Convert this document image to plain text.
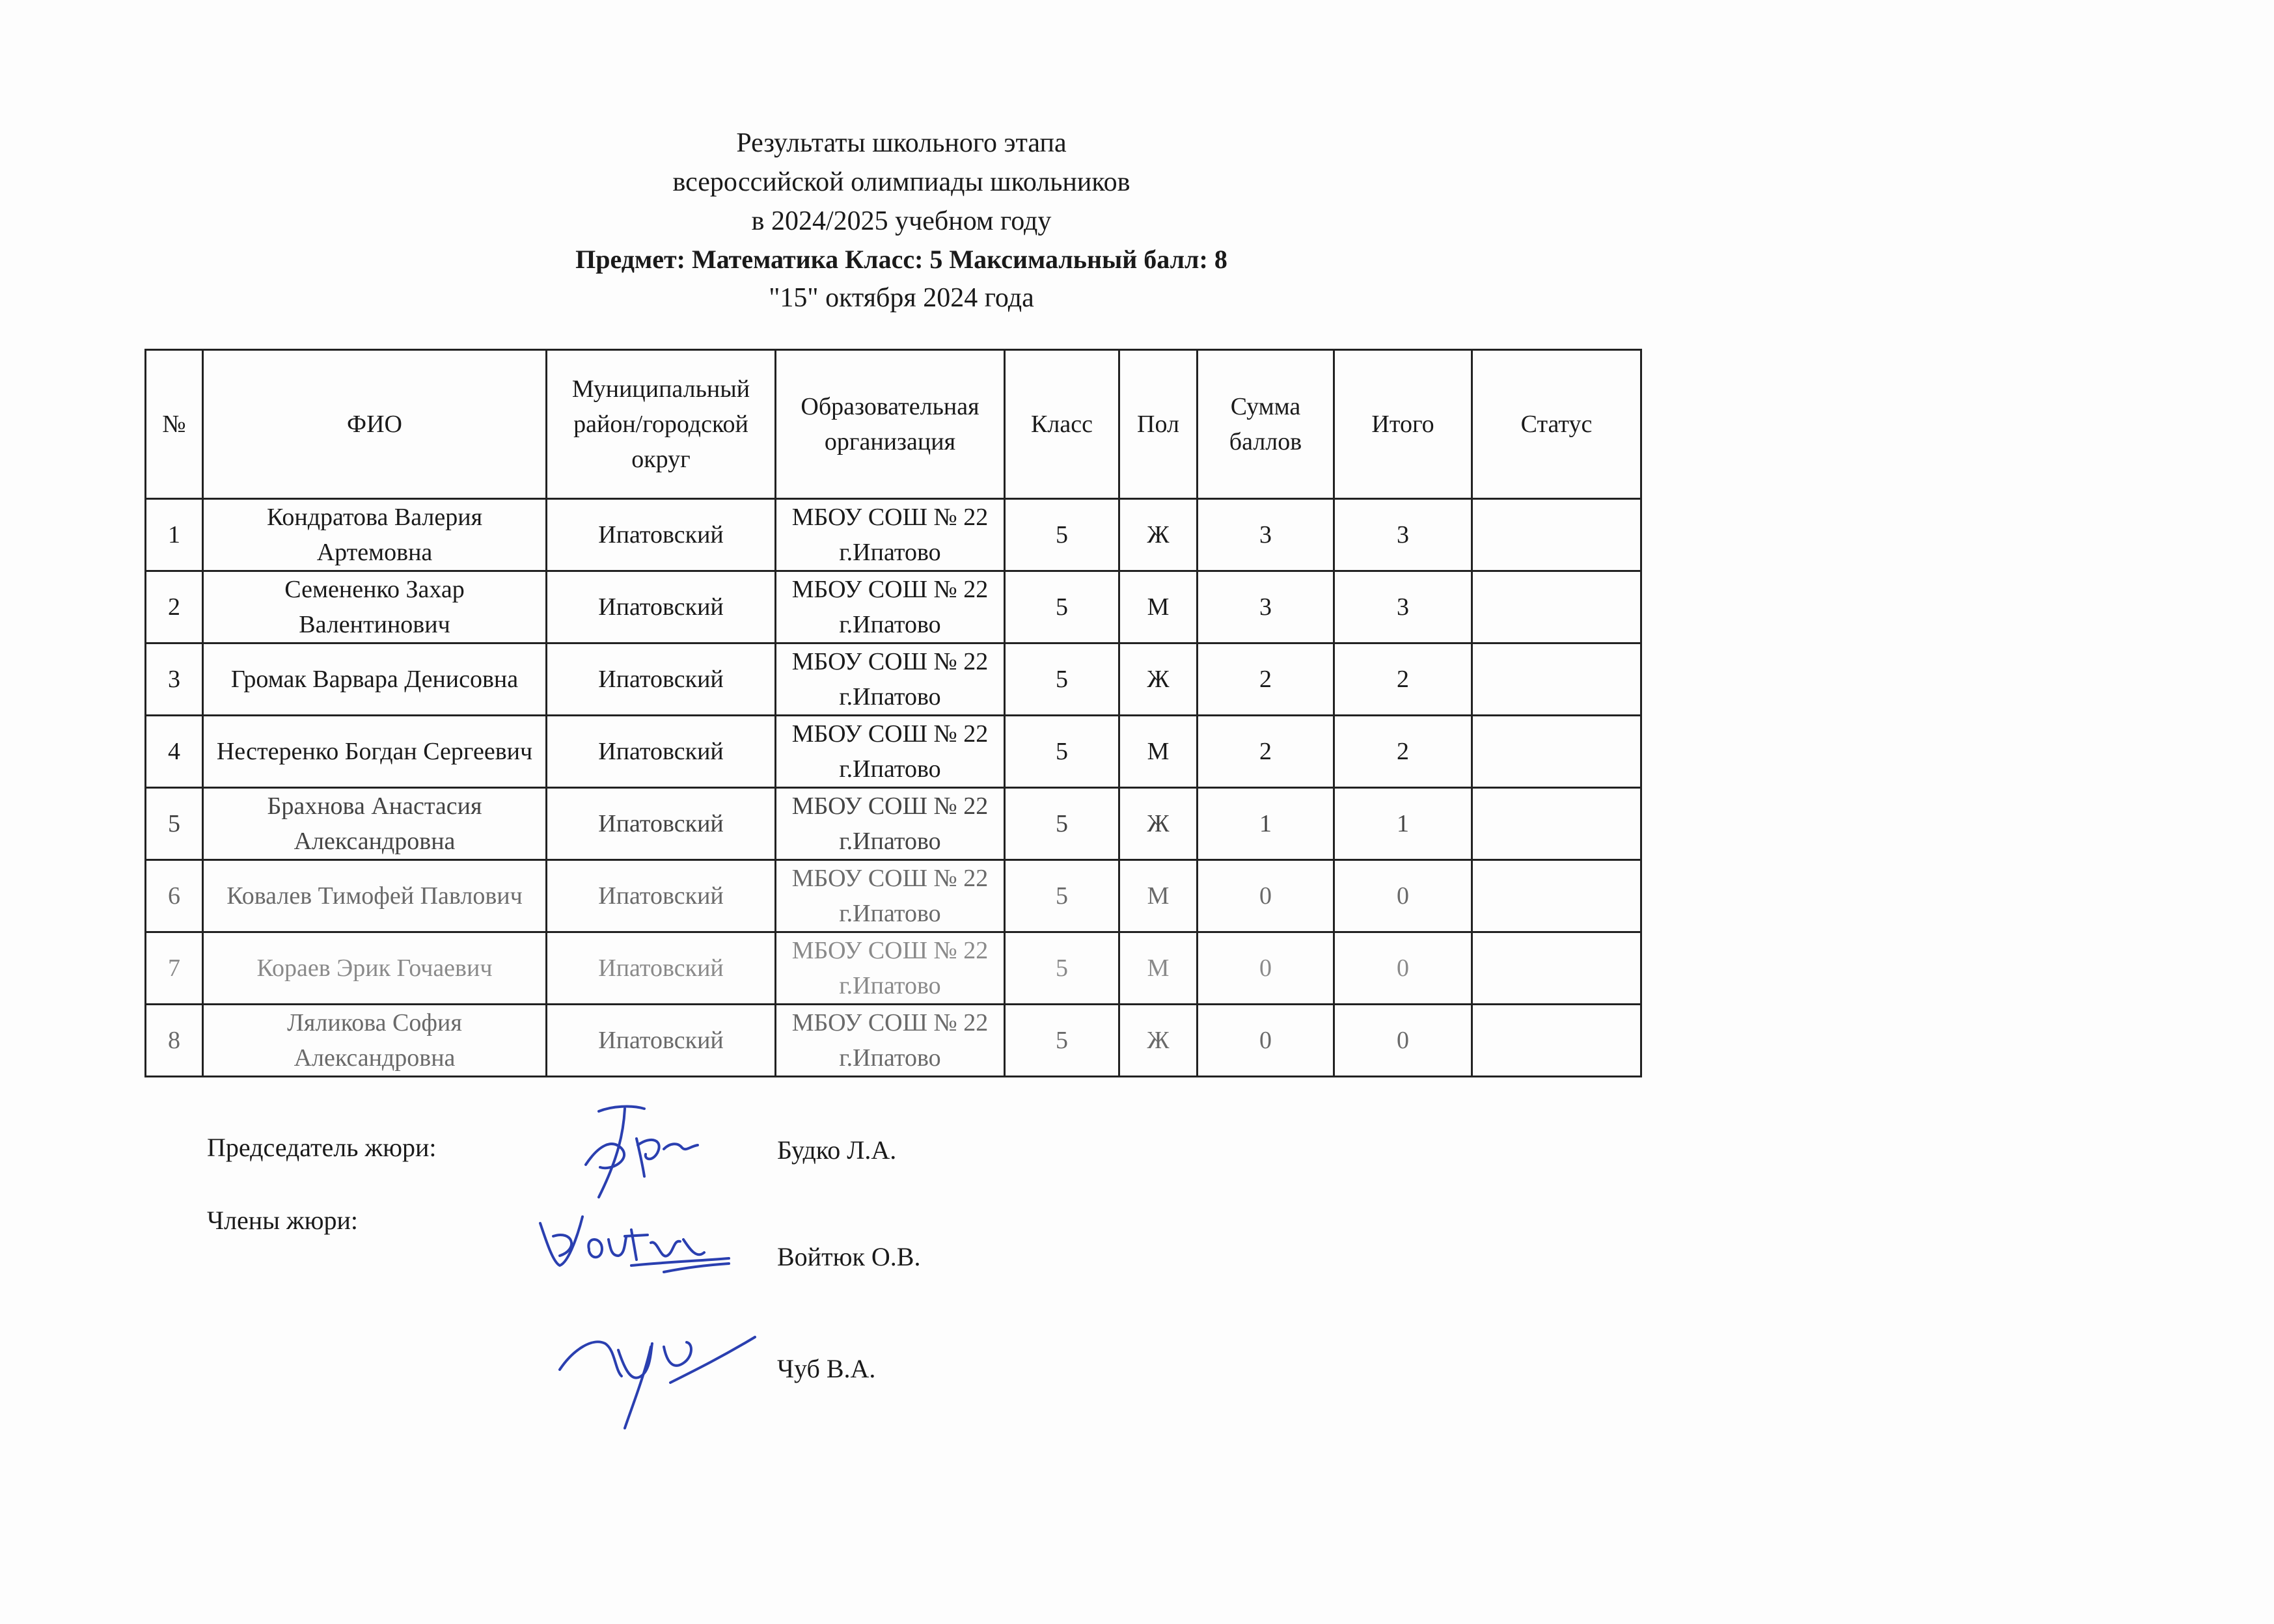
Результаты школьного этапа
всероссийской олимпиады школьников
в 2024/2025 учебном году
Предмет: Математика Класс: 5 Максимальный балл: 8
"15" октября 2024 года
№	ФИО	Муниципальный район/городской округ	Образовательная организация	Класс	Пол	Сумма баллов	Итого	Статус
1	Кондратова Валерия Артемовна	Ипатовский	МБОУ СОШ № 22 г.Ипатово	5	Ж	3	3	
2	Семененко Захар Валентинович	Ипатовский	МБОУ СОШ № 22 г.Ипатово	5	М	3	3	
3	Громак Варвара Денисовна	Ипатовский	МБОУ СОШ № 22 г.Ипатово	5	Ж	2	2	
4	Нестеренко Богдан Сергеевич	Ипатовский	МБОУ СОШ № 22 г.Ипатово	5	М	2	2	
5	Брахнова Анастасия Александровна	Ипатовский	МБОУ СОШ № 22 г.Ипатово	5	Ж	1	1	
6	Ковалев Тимофей Павлович	Ипатовский	МБОУ СОШ № 22 г.Ипатово	5	М	0	0	
7	Кораев Эрик Гочаевич	Ипатовский	МБОУ СОШ № 22 г.Ипатово	5	М	0	0	
8	Ляликова София Александровна	Ипатовский	МБОУ СОШ № 22 г.Ипатово	5	Ж	0	0	
Председатель жюри:
Члены жюри:
Будко Л.А.
Войтюк О.В.
Чуб В.А.
